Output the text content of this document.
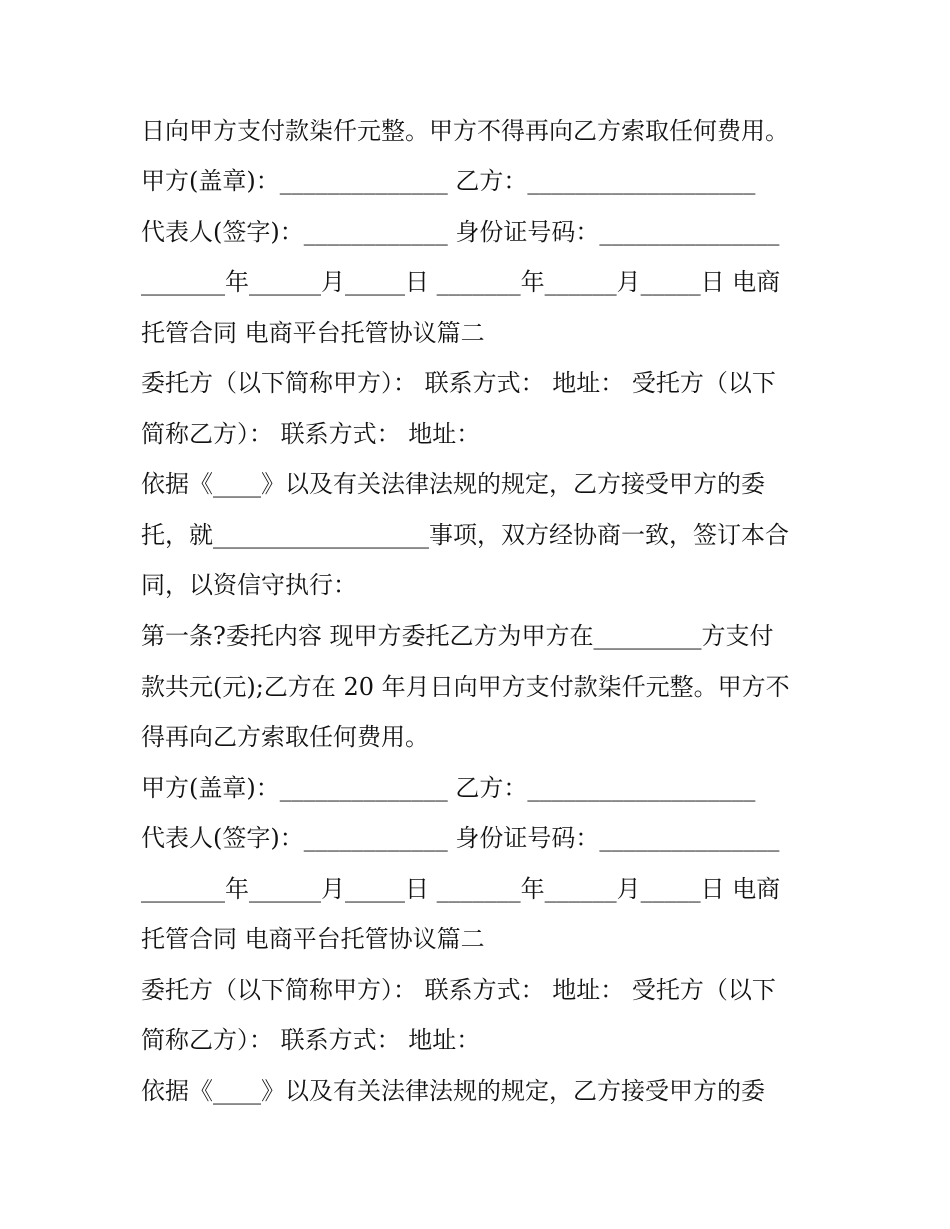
日向甲方支付款柒仟元整。甲方不得再向乙方索取任何费用。

甲方(盖章)：______________ 乙方：___________________

代表人(签字)：____________ 身份证号码：_______________

_______年______月_____日 _______年______月_____日 电商

托管合同 电商平台托管协议篇二

委托方（以下简称甲方）： 联系方式： 地址： 受托方（以下

简称乙方）： 联系方式： 地址：

依据《____》以及有关法律法规的规定，乙方接受甲方的委

托，就__________________事项，双方经协商一致，签订本合

同，以资信守执行：

第一条?委托内容 现甲方委托乙方为甲方在_________方支付

款共元(元);乙方在 20 年月日向甲方支付款柒仟元整。甲方不

得再向乙方索取任何费用。

甲方(盖章)：______________ 乙方：___________________

代表人(签字)：____________ 身份证号码：_______________

_______年______月_____日 _______年______月_____日 电商

托管合同 电商平台托管协议篇二

委托方（以下简称甲方）： 联系方式： 地址： 受托方（以下

简称乙方）： 联系方式： 地址：

依据《____》以及有关法律法规的规定，乙方接受甲方的委
